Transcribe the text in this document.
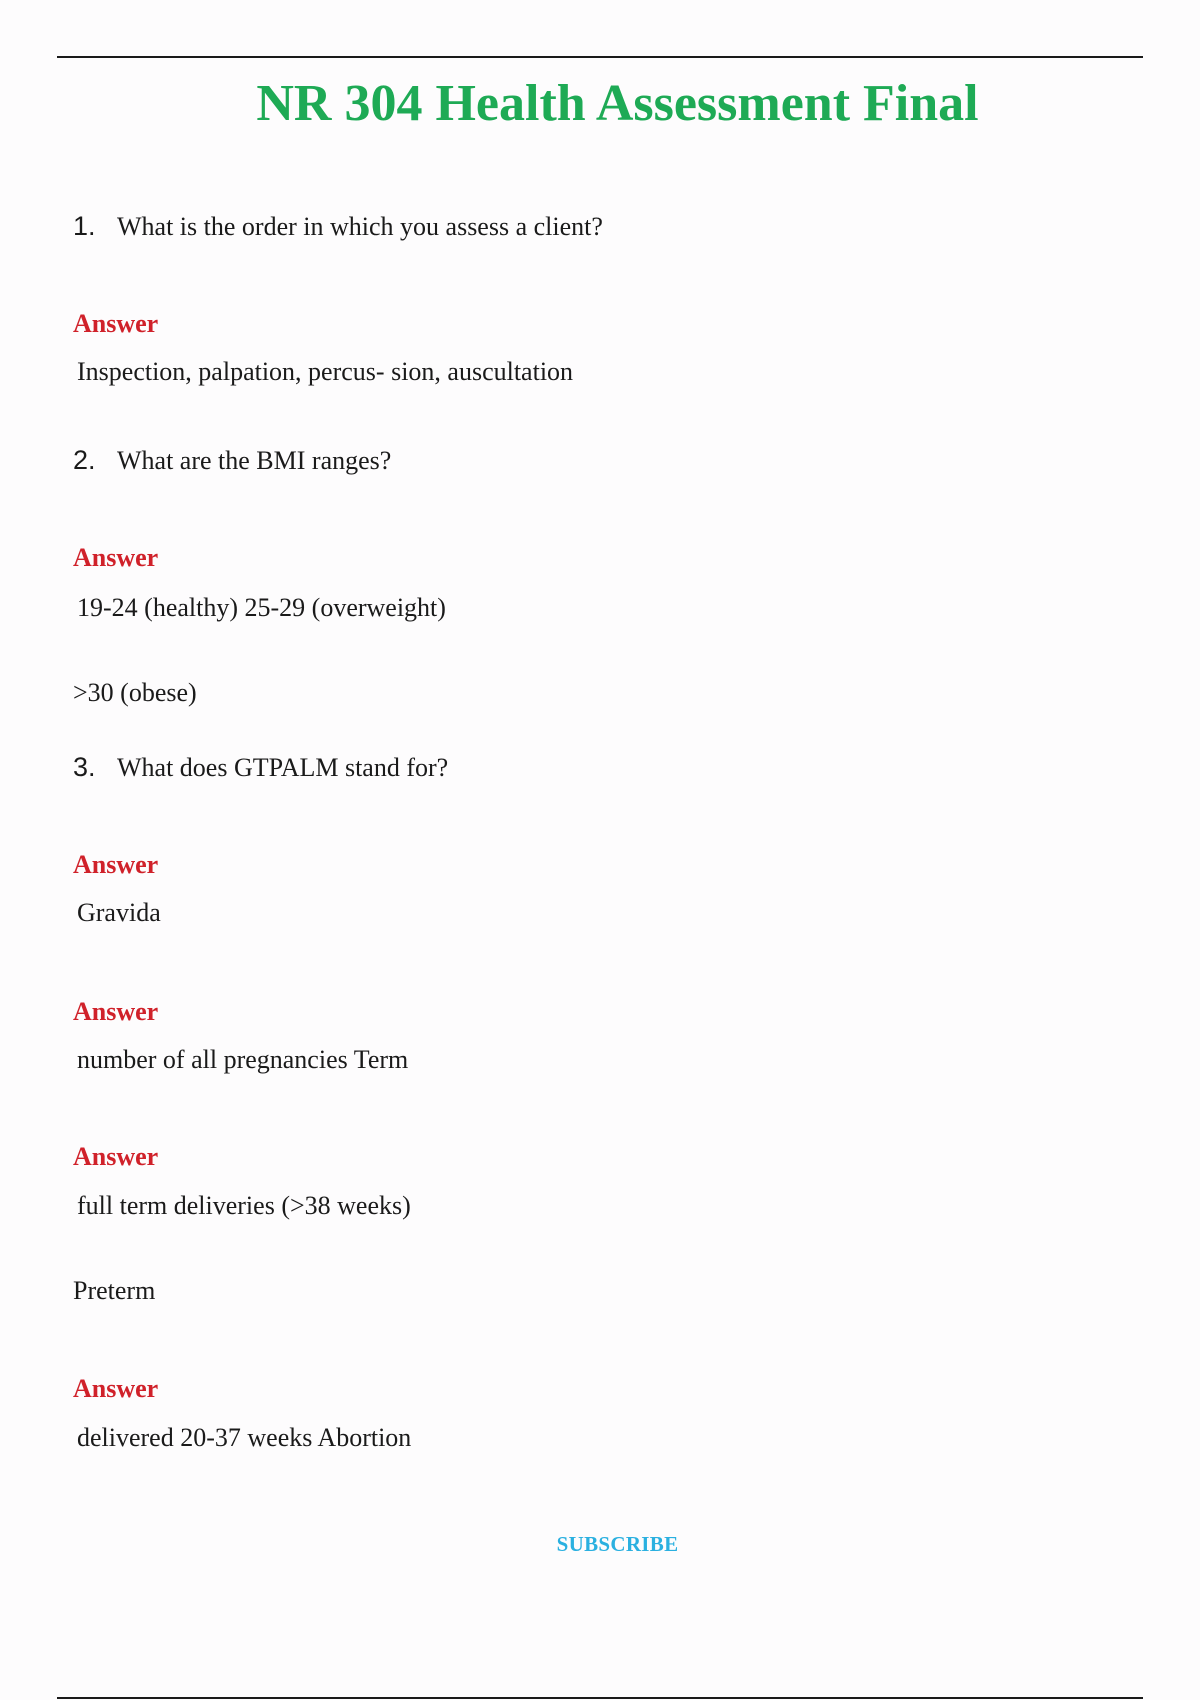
NR 304 Health Assessment Final
1. What is the order in which you assess a client?
Answer
Inspection, palpation, percus- sion, auscultation
2. What are the BMI ranges?
Answer
19-24 (healthy) 25-29 (overweight)
>30 (obese)
3. What does GTPALM stand for?
Answer
Gravida
Answer
number of all pregnancies Term
Answer
full term deliveries (>38 weeks)
Preterm
Answer
delivered 20-37 weeks Abortion
SUBSCRIBE
